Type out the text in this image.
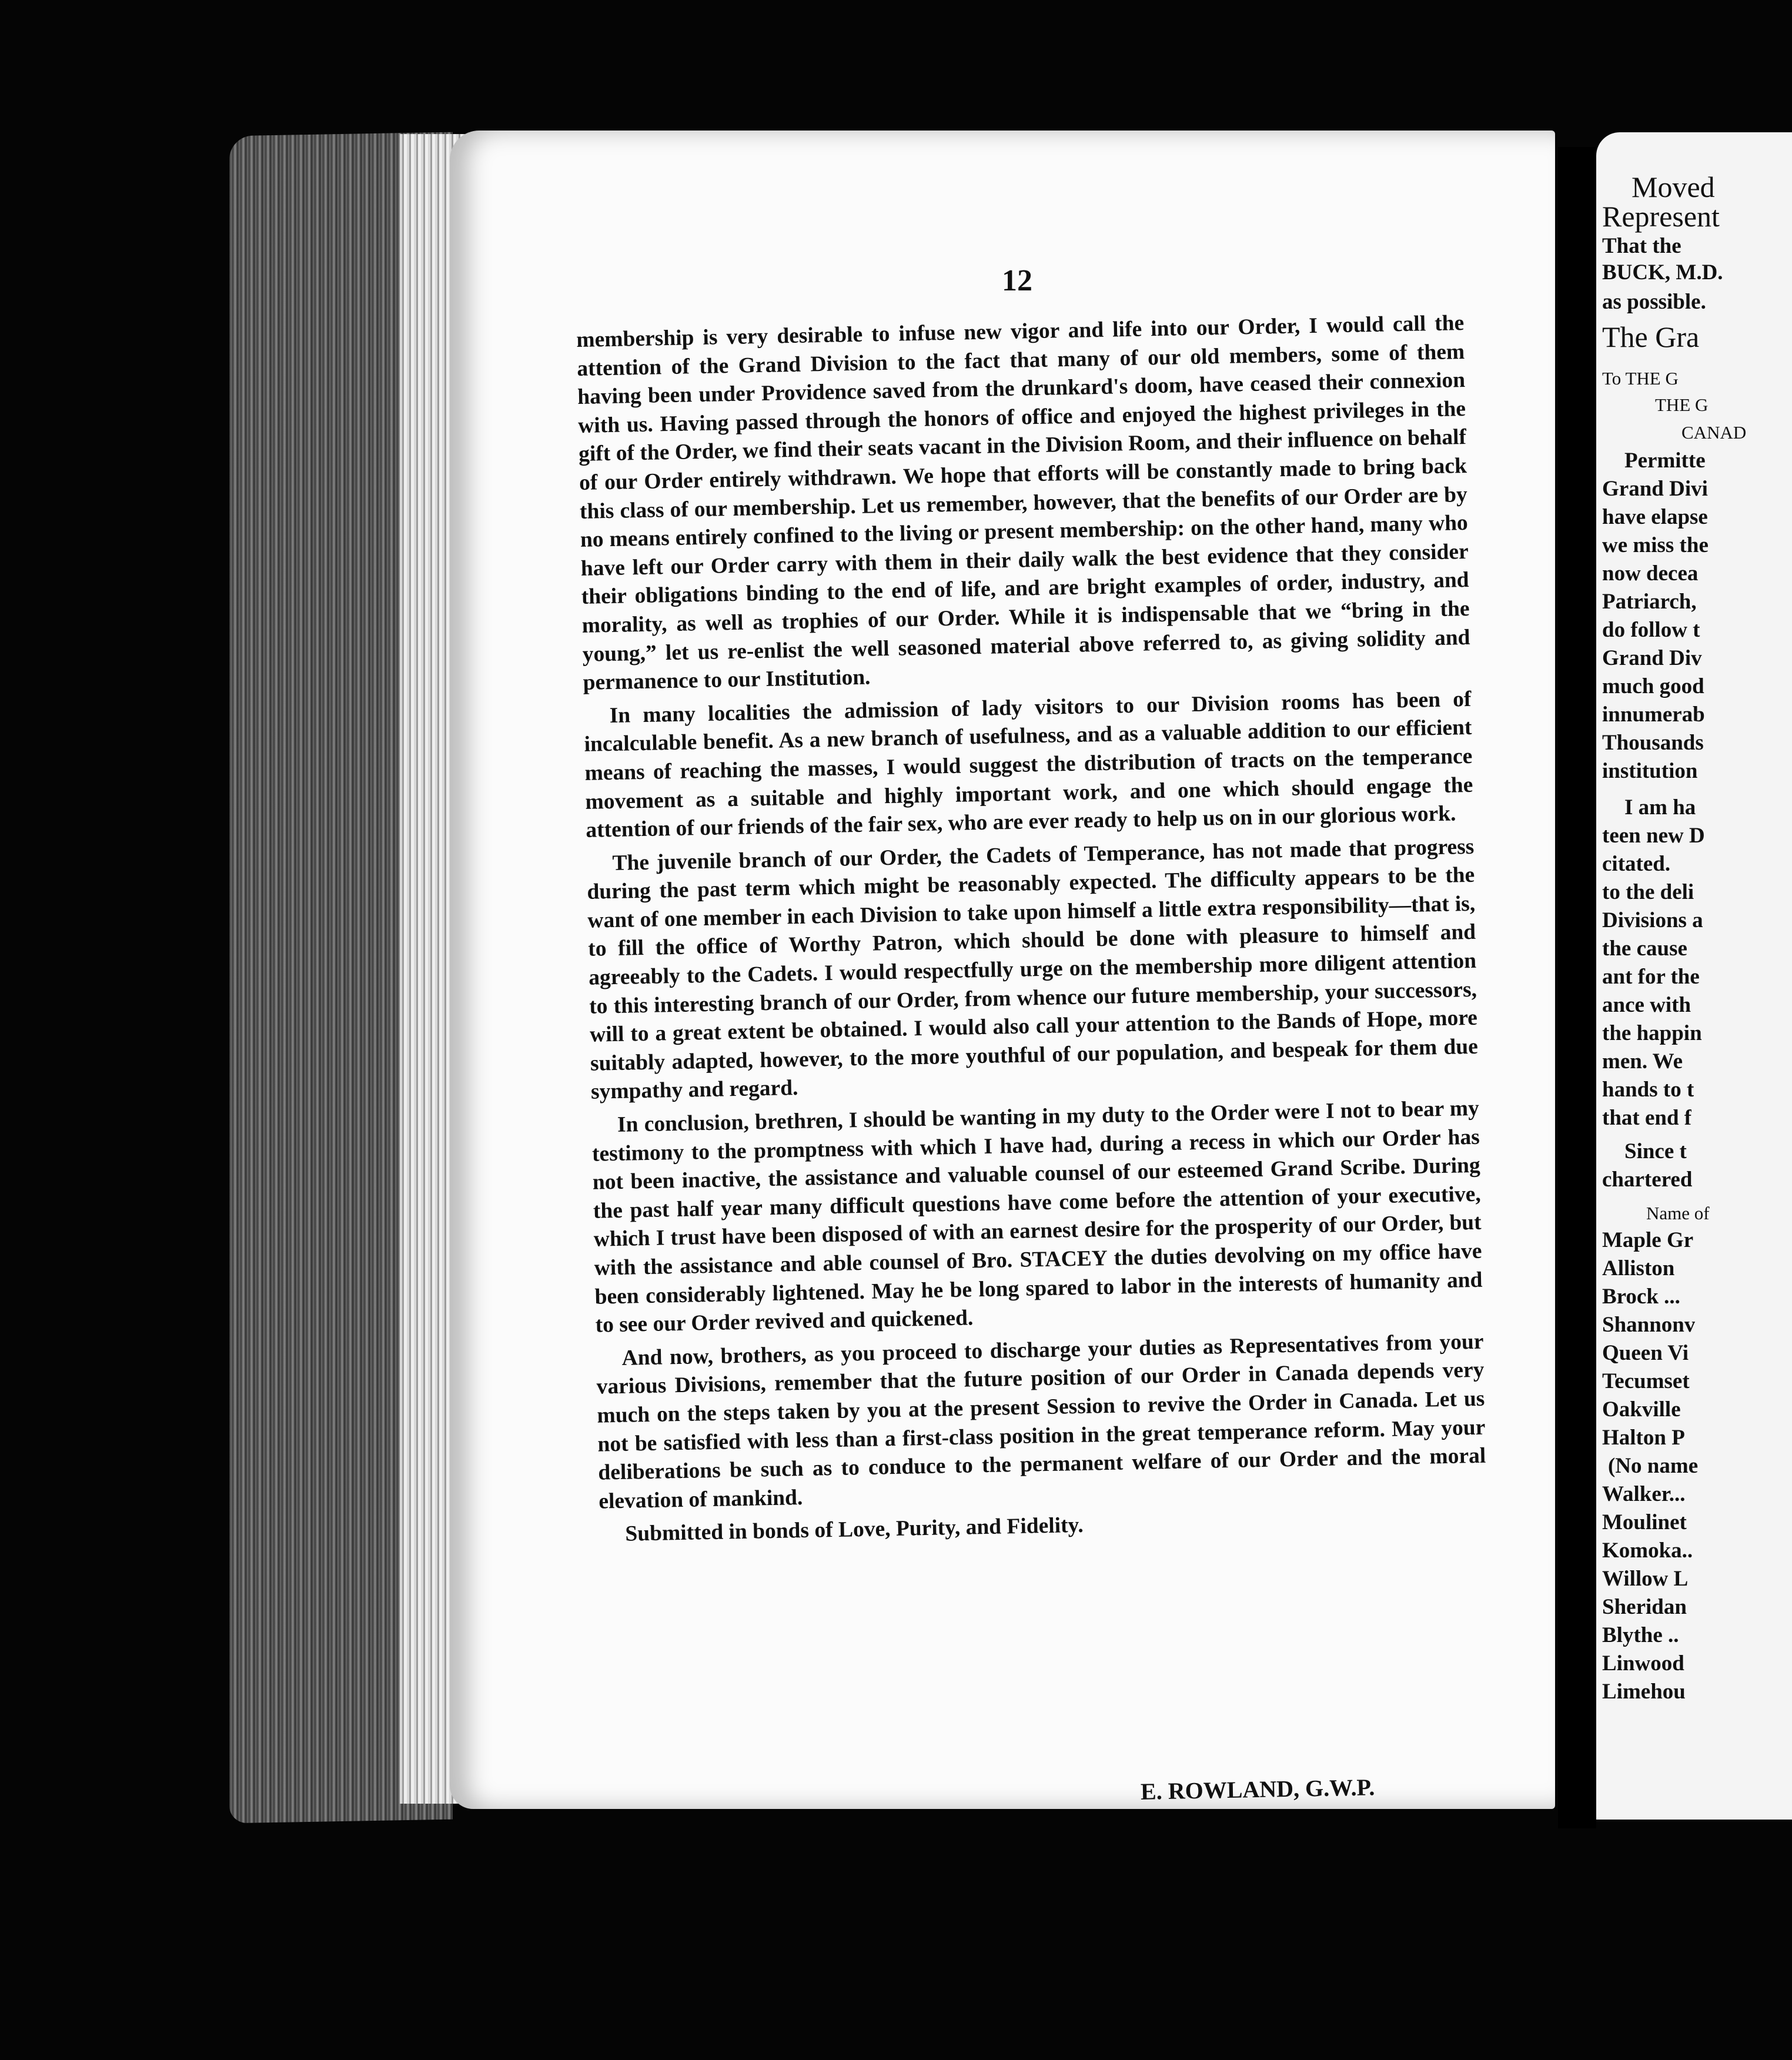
12

membership is very desirable to infuse new vigor and life into our Order, I would call the attention of the Grand Division to the fact that many of our old members, some of them having been under Providence saved from the drunkard's doom, have ceased their connexion with us. Having passed through the honors of office and enjoyed the highest privileges in the gift of the Order, we find their seats vacant in the Division Room, and their influence on behalf of our Order entirely withdrawn. We hope that efforts will be constantly made to bring back this class of our membership. Let us remember, however, that the benefits of our Order are by no means entirely confined to the living or present membership: on the other hand, many who have left our Order carry with them in their daily walk the best evidence that they consider their obligations binding to the end of life, and are bright examples of order, industry, and morality, as well as trophies of our Order. While it is indispensable that we “bring in the young,” let us re-enlist the well seasoned material above referred to, as giving solidity and permanence to our Institution.

In many localities the admission of lady visitors to our Division rooms has been of incalculable benefit. As a new branch of usefulness, and as a valuable addition to our efficient means of reaching the masses, I would suggest the distribution of tracts on the temperance movement as a suitable and highly important work, and one which should engage the attention of our friends of the fair sex, who are ever ready to help us on in our glorious work.

The juvenile branch of our Order, the Cadets of Temperance, has not made that progress during the past term which might be reasonably expected. The difficulty appears to be the want of one member in each Division to take upon himself a little extra responsibility—that is, to fill the office of Worthy Patron, which should be done with pleasure to himself and agreeably to the Cadets. I would respectfully urge on the membership more diligent attention to this interesting branch of our Order, from whence our future membership, your successors, will to a great extent be obtained. I would also call your attention to the Bands of Hope, more suitably adapted, however, to the more youthful of our population, and bespeak for them due sympathy and regard.

In conclusion, brethren, I should be wanting in my duty to the Order were I not to bear my testimony to the promptness with which I have had, during a recess in which our Order has not been inactive, the assistance and valuable counsel of our esteemed Grand Scribe. During the past half year many difficult questions have come before the attention of your executive, which I trust have been disposed of with an earnest desire for the prosperity of our Order, but with the assistance and able counsel of Bro. STACEY the duties devolving on my office have been considerably lightened. May he be long spared to labor in the interests of humanity and to see our Order revived and quickened.

And now, brothers, as you proceed to discharge your duties as Representatives from your various Divisions, remember that the future position of our Order in Canada depends very much on the steps taken by you at the present Session to revive the Order in Canada. Let us not be satisfied with less than a first-class position in the great temperance reform. May your deliberations be such as to conduce to the permanent welfare of our Order and the moral elevation of mankind.

Submitted in bonds of Love, Purity, and Fidelity.

E. ROWLAND, G.W.P.
Moved
Represent
That the
BUCK, M.D.
as possible.
The Gra
To THE G
THE G
CANAD
Permitte
Grand Divi
have elapse
we miss the
now decea
Patriarch,
do follow t
Grand Div
much good
innumerab
Thousands
institution
I am ha
teen new D
citated.
to the deli
Divisions a
the cause
ant for the
ance with
the happin
men. We
hands to t
that end f
Since t
chartered
Name of
Maple Gr
Alliston
Brock ...
Shannonv
Queen Vi
Tecumset
Oakville
Halton P
(No name
Walker...
Moulinet
Komoka..
Willow L
Sheridan
Blythe ..
Linwood
Limehou
